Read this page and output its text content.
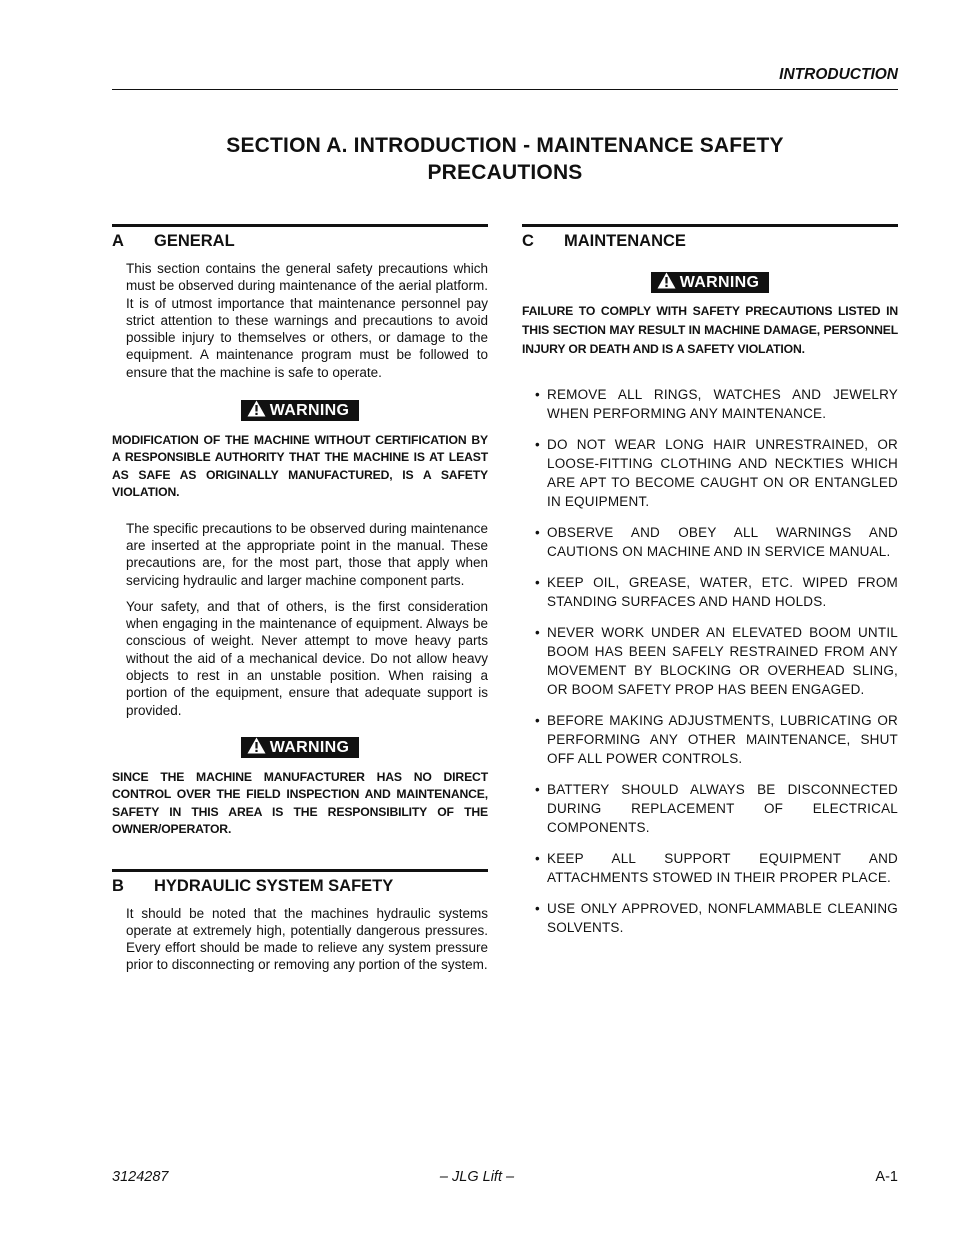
INTRODUCTION
SECTION A. INTRODUCTION - MAINTENANCE SAFETY
PRECAUTIONS
A GENERAL

This section contains the general safety precautions which must be observed during maintenance of the aerial platform. It is of utmost importance that maintenance personnel pay strict attention to these warnings and precautions to avoid possible injury to themselves or others, or damage to the equipment. A maintenance program must be followed to ensure that the machine is safe to operate.

WARNING

MODIFICATION OF THE MACHINE WITHOUT CERTIFICATION BY A RESPONSIBLE AUTHORITY THAT THE MACHINE IS AT LEAST AS SAFE AS ORIGINALLY MANUFACTURED, IS A SAFETY VIOLATION.

The specific precautions to be observed during maintenance are inserted at the appropriate point in the manual. These precautions are, for the most part, those that apply when servicing hydraulic and larger machine component parts.

Your safety, and that of others, is the first consideration when engaging in the maintenance of equipment. Always be conscious of weight. Never attempt to move heavy parts without the aid of a mechanical device. Do not allow heavy objects to rest in an unstable position. When raising a portion of the equipment, ensure that adequate support is provided.

WARNING

SINCE THE MACHINE MANUFACTURER HAS NO DIRECT CONTROL OVER THE FIELD INSPECTION AND MAINTENANCE, SAFETY IN THIS AREA IS THE RESPONSIBILITY OF THE OWNER/OPERATOR.

B HYDRAULIC SYSTEM SAFETY

It should be noted that the machines hydraulic systems operate at extremely high, potentially dangerous pressures. Every effort should be made to relieve any system pressure prior to disconnecting or removing any portion of the system.

C MAINTENANCE
WARNING

FAILURE TO COMPLY WITH SAFETY PRECAUTIONS LISTED IN THIS SECTION MAY RESULT IN MACHINE DAMAGE, PERSONNEL INJURY OR DEATH AND IS A SAFETY VIOLATION.

• REMOVE ALL RINGS, WATCHES AND JEWELRY WHEN PERFORMING ANY MAINTENANCE.
• DO NOT WEAR LONG HAIR UNRESTRAINED, OR LOOSE-FITTING CLOTHING AND NECKTIES WHICH ARE APT TO BECOME CAUGHT ON OR ENTANGLED IN EQUIPMENT.
• OBSERVE AND OBEY ALL WARNINGS AND CAUTIONS ON MACHINE AND IN SERVICE MANUAL.
• KEEP OIL, GREASE, WATER, ETC. WIPED FROM STANDING SURFACES AND HAND HOLDS.
• NEVER WORK UNDER AN ELEVATED BOOM UNTIL BOOM HAS BEEN SAFELY RESTRAINED FROM ANY MOVEMENT BY BLOCKING OR OVERHEAD SLING, OR BOOM SAFETY PROP HAS BEEN ENGAGED.
• BEFORE MAKING ADJUSTMENTS, LUBRICATING OR PERFORMING ANY OTHER MAINTENANCE, SHUT OFF ALL POWER CONTROLS.
• BATTERY SHOULD ALWAYS BE DISCONNECTED DURING REPLACEMENT OF ELECTRICAL COMPONENTS.
• KEEP ALL SUPPORT EQUIPMENT AND ATTACHMENTS STOWED IN THEIR PROPER PLACE.
• USE ONLY APPROVED, NONFLAMMABLE CLEANING SOLVENTS.
3124287	– JLG Lift –	A-1
